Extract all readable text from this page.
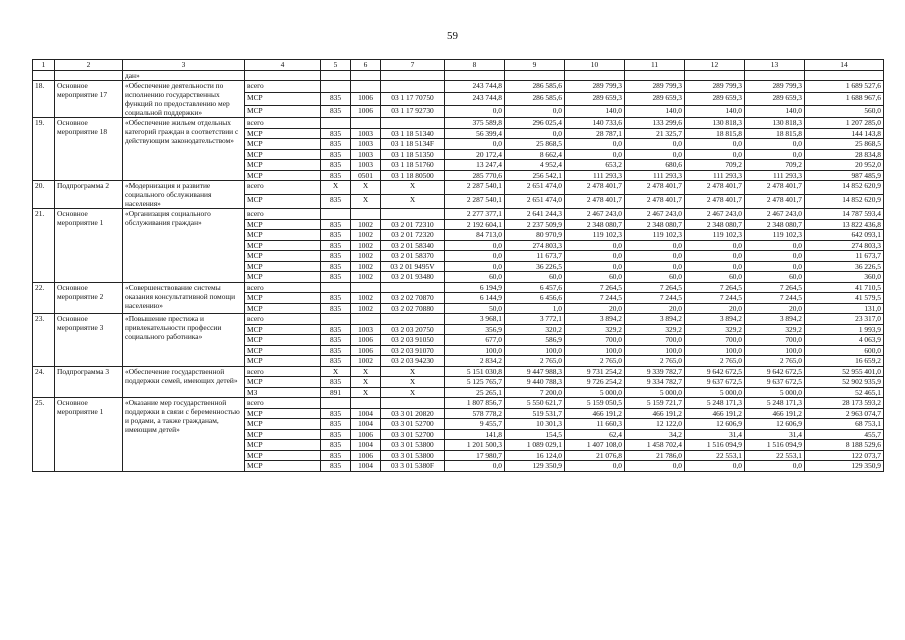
59
1	2	3	4	5	6	7	8	9	10	11	12	13	14
		дан»											
18.	Основное мероприятие 17	«Обеспечение деятельности по исполнению государственных функций по предоставлению мер социальной поддержки»	всего				243 744,8	286 585,6	289 799,3	289 799,3	289 799,3	289 799,3	1 689 527,6
			МСР	835	1006	03 1 17 70750	243 744,8	286 585,6	289 659,3	289 659,3	289 659,3	289 659,3	1 688 967,6
			МСР	835	1006	03 1 17 92730	0,0	0,0	140,0	140,0	140,0	140,0	560,0
19.	Основное мероприятие 18	«Обеспечение жильем отдельных категорий граждан в соответствии с действующим законодательством»	всего				375 589,8	296 025,4	140 733,6	133 299,6	130 818,3	130 818,3	1 207 285,0
			МСР	835	1003	03 1 18 51340	56 399,4	0,0	28 787,1	21 325,7	18 815,8	18 815,8	144 143,8
			МСР	835	1003	03 1 18 5134F	0,0	25 868,5	0,0	0,0	0,0	0,0	25 868,5
			МСР	835	1003	03 1 18 51350	20 172,4	8 662,4	0,0	0,0	0,0	0,0	28 834,8
			МСР	835	1003	03 1 18 51760	13 247,4	4 952,4	653,2	680,6	709,2	709,2	20 952,0
			МСР	835	0501	03 1 18 80500	285 770,6	256 542,1	111 293,3	111 293,3	111 293,3	111 293,3	987 485,9
20.	Подпрограмма 2	«Модернизация и развитие социального обслуживания населения»	всего	X	X	X	2 287 540,1	2 651 474,0	2 478 401,7	2 478 401,7	2 478 401,7	2 478 401,7	14 852 620,9
			МСР	835	X	X	2 287 540,1	2 651 474,0	2 478 401,7	2 478 401,7	2 478 401,7	2 478 401,7	14 852 620,9
21.	Основное мероприятие 1	«Организация социального обслуживания граждан»	всего				2 277 377,1	2 641 244,3	2 467 243,0	2 467 243,0	2 467 243,0	2 467 243,0	14 787 593,4
			МСР	835	1002	03 2 01 72310	2 192 604,1	2 237 509,9	2 348 080,7	2 348 080,7	2 348 080,7	2 348 080,7	13 822 436,8
			МСР	835	1002	03 2 01 72320	84 713,0	80 970,9	119 102,3	119 102,3	119 102,3	119 102,3	642 093,1
			МСР	835	1002	03 2 01 58340	0,0	274 803,3	0,0	0,0	0,0	0,0	274 803,3
			МСР	835	1002	03 2 01 58370	0,0	11 673,7	0,0	0,0	0,0	0,0	11 673,7
			МСР	835	1002	03 2 01 9495V	0,0	36 226,5	0,0	0,0	0,0	0,0	36 226,5
			МСР	835	1002	03 2 01 93480	60,0	60,0	60,0	60,0	60,0	60,0	360,0
22.	Основное мероприятие 2	«Совершенствование системы оказания консультативной помощи населению»	всего				6 194,9	6 457,6	7 264,5	7 264,5	7 264,5	7 264,5	41 710,5
			МСР	835	1002	03 2 02 70870	6 144,9	6 456,6	7 244,5	7 244,5	7 244,5	7 244,5	41 579,5
			МСР	835	1002	03 2 02 70880	50,0	1,0	20,0	20,0	20,0	20,0	131,0
23.	Основное мероприятие 3	«Повышение престижа и привлекательности профессии социального работника»	всего				3 968,1	3 772,1	3 894,2	3 894,2	3 894,2	3 894,2	23 317,0
			МСР	835	1003	03 2 03 20750	356,9	320,2	329,2	329,2	329,2	329,2	1 993,9
			МСР	835	1006	03 2 03 91050	677,0	586,9	700,0	700,0	700,0	700,0	4 063,9
			МСР	835	1006	03 2 03 91070	100,0	100,0	100,0	100,0	100,0	100,0	600,0
			МСР	835	1002	03 2 03 94230	2 834,2	2 765,0	2 765,0	2 765,0	2 765,0	2 765,0	16 659,2
24.	Подпрограмма 3	«Обеспечение государственной поддержки семей, имеющих детей»	всего	X	X	X	5 151 030,8	9 447 988,3	9 731 254,2	9 339 782,7	9 642 672,5	9 642 672,5	52 955 401,0
			МСР	835	X	X	5 125 765,7	9 440 788,3	9 726 254,2	9 334 782,7	9 637 672,5	9 637 672,5	52 902 935,9
			МЗ	891	X	X	25 265,1	7 200,0	5 000,0	5 000,0	5 000,0	5 000,0	52 465,1
25.	Основное мероприятие 1	«Оказание мер государственной поддержки в связи с беременностью и родами, а также гражданам, имеющим детей»	всего				1 807 856,7	5 550 621,7	5 159 050,5	5 159 721,7	5 248 171,3	5 248 171,3	28 173 593,2
			МСР	835	1004	03 3 01 20820	578 778,2	519 531,7	466 191,2	466 191,2	466 191,2	466 191,2	2 963 074,7
			МСР	835	1004	03 3 01 52700	9 455,7	10 301,3	11 660,3	12 122,0	12 606,9	12 606,9	68 753,1
			МСР	835	1006	03 3 01 52700	141,8	154,5	62,4	34,2	31,4	31,4	455,7
			МСР	835	1004	03 3 01 53800	1 201 500,3	1 089 029,1	1 407 108,0	1 458 702,4	1 516 094,9	1 516 094,9	8 188 529,6
			МСР	835	1006	03 3 01 53800	17 980,7	16 124,0	21 076,8	21 786,0	22 553,1	22 553,1	122 073,7
			МСР	835	1004	03 3 01 5380F	0,0	129 350,9	0,0	0,0	0,0	0,0	129 350,9
